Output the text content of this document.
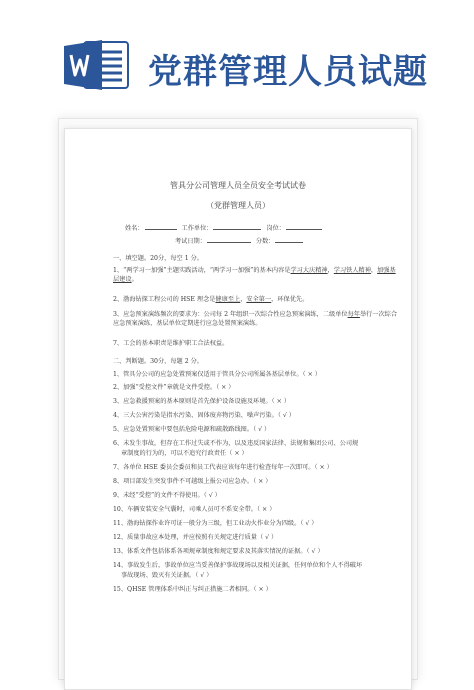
党群管理人员试题
管具分公司管理人员全员安全考试试卷
（党群管理人员）
姓名：	工作单位：	岗位：
考试日期：	分数：
一、填空题。20分，每空 1 分。
1、“两学习一加强”主题实践活动，“两学习一加强”的基本内容是学习大庆精神，学习铁人精神，加强基层建设。
2、渤海钻探工程公司的 HSE 理念是健康至上，安全第一，环保优先。
3、应急预案演练频次的要求为：公司每 2 年组织一次综合性应急预案演练，二级单位每年举行一次综合应急预案演练，基层单位定期进行应急处置预案演练。
7、工会的基本职责是维护职工合法权益。
二、判断题。30分，每题 2 分。
1、管具分公司的应急处置预案仅适用于管具分公司所属各基层单位。（ × ）
2、加强“受控文件”章就是文件受控。（ × ）
3、应急救援预案的基本原则是首先保护设备设施及环境。（ × ）
4、三大公害污染是指水污染、固体废弃物污染、噪声污染。（ √ ）
5、应急处置预案中要包括危险电源和疏散路线图。（ √ ）
6、未发生事故，但存在工作过失或不作为，以及违反国家法律、法规和集团公司、公司规
章制度的行为的，可以不追究行政责任（ × ）
7、各单位 HSE 委员会委员和员工代表应该每年进行检查每年一次即可。（ × ）
8、项目部发生突发事件不可越级上报公司应急办。（ × ）
9、未经“受控”的文件不得使用。（ √ ）
10、车辆安装安全气囊时，司乘人员可不系安全带。（ × ）
11、渤海钻探作业许可证一般分为三级，但工业动火作业分为四级。（ √ ）
12、质量事故应本处理，并应按照有关规定进行质量（ √ ）
13、体系文件包括体系各项规章制度和规定要求及其落实情况的证据。（ √ ）
14、事故发生后，事故单位应当妥善保护事故现场以及相关证据，任何单位和个人不得破坏
事故现场、毁灭有关证据。（ √ ）
15、QHSE 管理体系中纠正与纠正措施二者相同。（ × ）
